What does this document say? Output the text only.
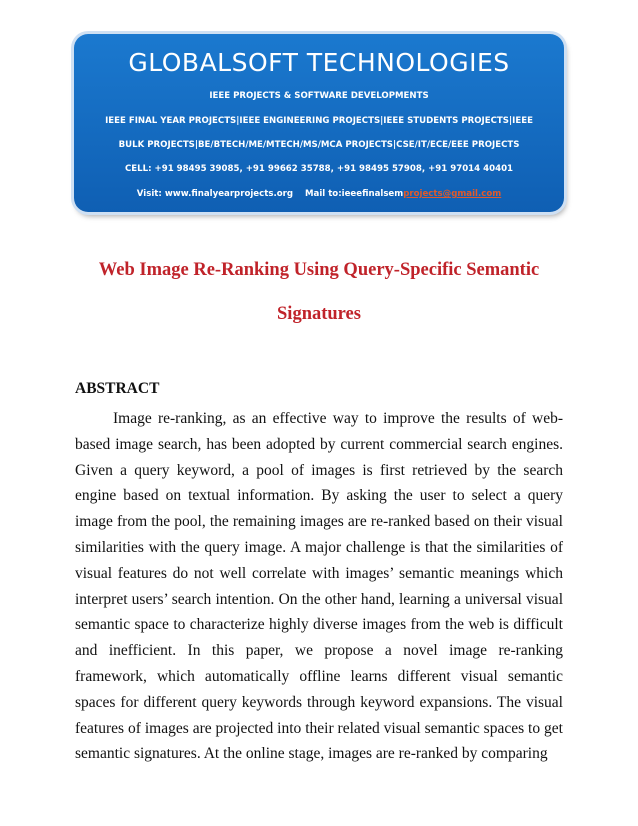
GLOBALSOFT TECHNOLOGIES
IEEE PROJECTS & SOFTWARE DEVELOPMENTS
IEEE FINAL YEAR PROJECTS|IEEE ENGINEERING PROJECTS|IEEE STUDENTS PROJECTS|IEEE
BULK PROJECTS|BE/BTECH/ME/MTECH/MS/MCA PROJECTS|CSE/IT/ECE/EEE PROJECTS
CELL: +91 98495 39085, +91 99662 35788, +91 98495 57908, +91 97014 40401
Visit: www.finalyearprojects.org    Mail to:ieeefinalsemprojects@gmail.com
Web Image Re-Ranking Using Query-Specific Semantic
Signatures
ABSTRACT

Image re-ranking, as an effective way to improve the results of web-based image search, has been adopted by current commercial search engines. Given a query keyword, a pool of images is first retrieved by the search engine based on textual information. By asking the user to select a query image from the pool, the remaining images are re-ranked based on their visual similarities with the query image. A major challenge is that the similarities of visual features do not well correlate with images’ semantic meanings which interpret users’ search intention. On the other hand, learning a universal visual semantic space to characterize highly diverse images from the web is difficult and inefficient. In this paper, we propose a novel image re-ranking framework, which automatically offline learns different visual semantic spaces for different query keywords through keyword expansions. The visual features of images are projected into their related visual semantic spaces to get semantic signatures. At the online stage, images are re-ranked by comparing
